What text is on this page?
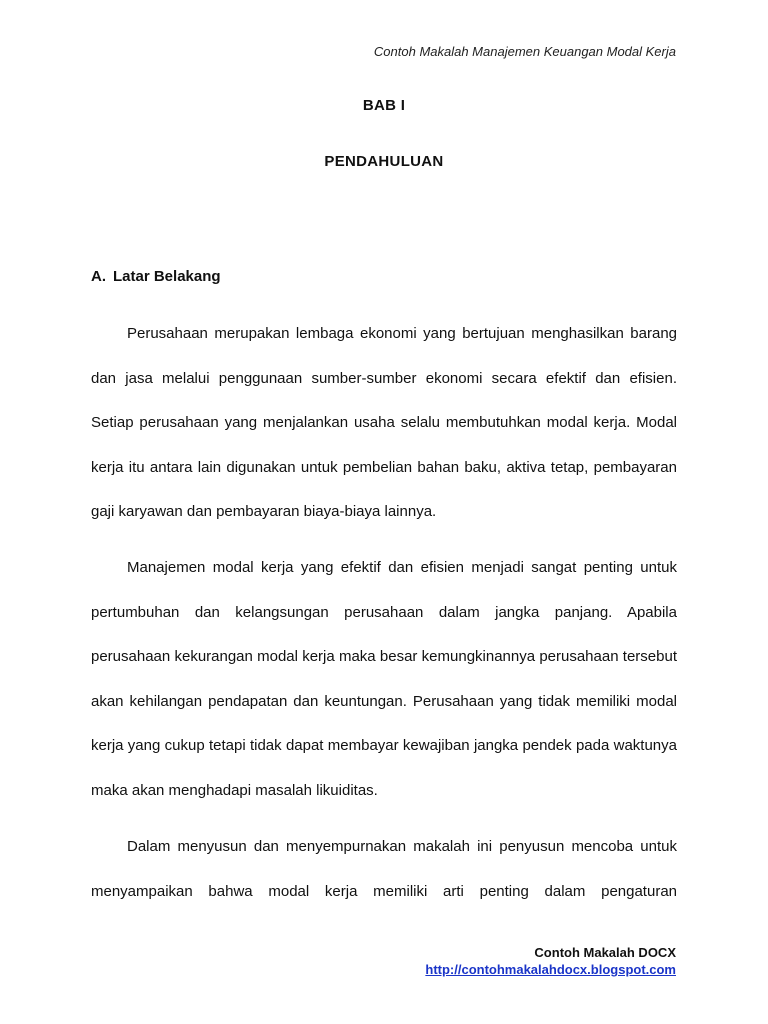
Contoh Makalah Manajemen Keuangan Modal Kerja
BAB I
PENDAHULUAN
A. Latar Belakang

Perusahaan merupakan lembaga ekonomi yang bertujuan menghasilkan barang dan jasa melalui penggunaan sumber-sumber ekonomi secara efektif dan efisien. Setiap perusahaan yang menjalankan usaha selalu membutuhkan modal kerja. Modal kerja itu antara lain digunakan untuk pembelian bahan baku, aktiva tetap, pembayaran gaji karyawan dan pembayaran biaya-biaya lainnya.

Manajemen modal kerja yang efektif dan efisien menjadi sangat penting untuk pertumbuhan dan kelangsungan perusahaan dalam jangka panjang. Apabila perusahaan kekurangan modal kerja maka besar kemungkinannya perusahaan tersebut akan kehilangan pendapatan dan keuntungan. Perusahaan yang tidak memiliki modal kerja yang cukup tetapi tidak dapat membayar kewajiban jangka pendek pada waktunya maka akan menghadapi masalah likuiditas.

Dalam menyusun dan menyempurnakan makalah ini penyusun mencoba untuk menyampaikan bahwa modal kerja memiliki arti penting dalam pengaturan

Contoh Makalah DOCX
http://contohmakalahdocx.blogspot.com
